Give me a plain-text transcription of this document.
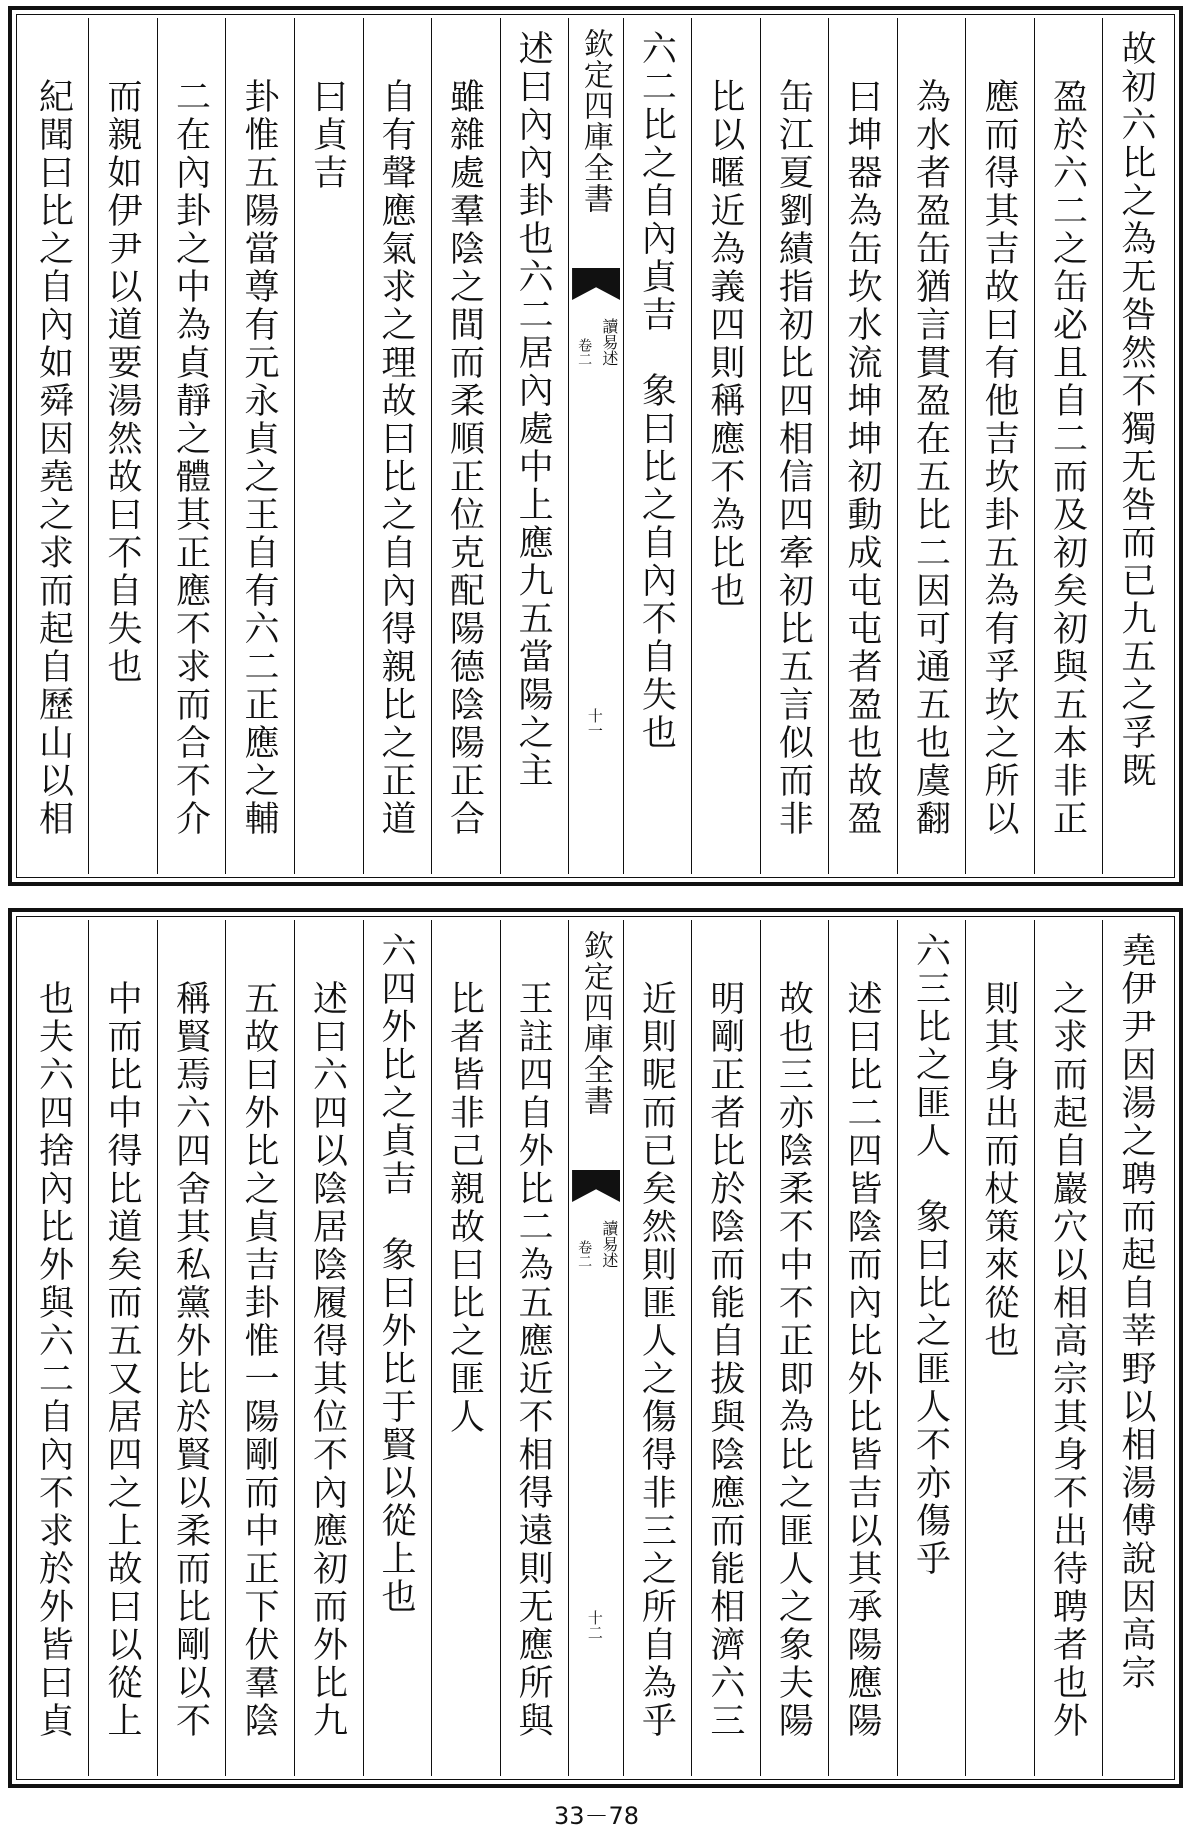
故初六比之為无咎然不獨无咎而已九五之孚既
盈於六二之缶必且自二而及初矣初與五本非正
應而得其吉故曰有他吉坎卦五為有孚坎之所以
為水者盈缶猶言貫盈在五比二因可通五也虞翻
曰坤器為缶坎水流坤坤初動成屯屯者盈也故盈
缶江夏劉績指初比四相信四牽初比五言似而非
比以暱近為義四則稱應不為比也
六二比之自內貞吉　象曰比之自內不自失也
欽定四庫全書
讀易述
卷二
十一
述曰內內卦也六二居內處中上應九五當陽之主
雖雜處羣陰之間而柔順正位克配陽德陰陽正合
自有聲應氣求之理故曰比之自內得親比之正道
曰貞吉
卦惟五陽當尊有元永貞之王自有六二正應之輔
二在內卦之中為貞靜之體其正應不求而合不介
而親如伊尹以道要湯然故曰不自失也
紀聞曰比之自內如舜因堯之求而起自歷山以相
堯伊尹因湯之聘而起自莘野以相湯傅說因高宗
之求而起自巖穴以相高宗其身不出待聘者也外
則其身出而杖策來從也
六三比之匪人　象曰比之匪人不亦傷乎
述曰比二四皆陰而內比外比皆吉以其承陽應陽
故也三亦陰柔不中不正即為比之匪人之象夫陽
明剛正者比於陰而能自拔與陰應而能相濟六三
近則昵而已矣然則匪人之傷得非三之所自為乎
欽定四庫全書
讀易述
卷二
十二
王註四自外比二為五應近不相得遠則无應所與
比者皆非己親故曰比之匪人
六四外比之貞吉　象曰外比于賢以從上也
述曰六四以陰居陰履得其位不內應初而外比九
五故曰外比之貞吉卦惟一陽剛而中正下伏羣陰
稱賢焉六四舍其私黨外比於賢以柔而比剛以不
中而比中得比道矣而五又居四之上故曰以從上
也夫六四捨內比外與六二自內不求於外皆曰貞
33－78
